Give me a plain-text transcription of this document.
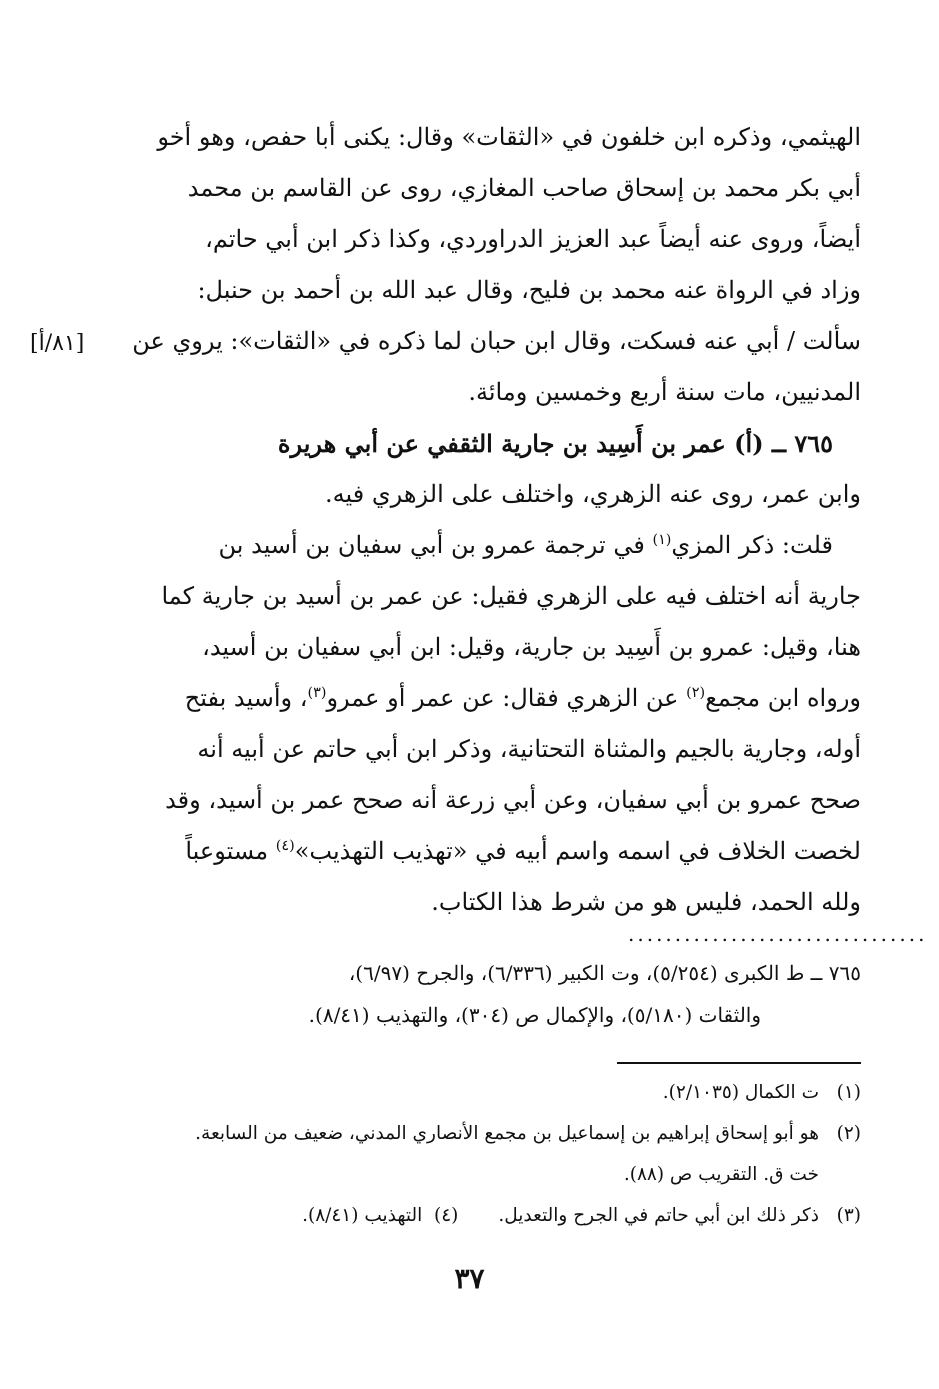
الهيثمي، وذكره ابن خلفون في «الثقات» وقال: يكنى أبا حفص، وهو أخو

أبي بكر محمد بن إسحاق صاحب المغازي، روى عن القاسم بن محمد

أيضاً، وروى عنه أيضاً عبد العزيز الدراوردي، وكذا ذكر ابن أبي حاتم،

وزاد في الرواة عنه محمد بن فليح، وقال عبد الله بن أحمد بن حنبل:

سألت / أبي عنه فسكت، وقال ابن حبان لما ذكره في «الثقات»: يروي عن

المدنيين، مات سنة أربع وخمسين ومائة.

٧٦٥ ــ (أ) عمر بن أَسِيد بن جارية الثقفي عن أبي هريرة

وابن عمر، روى عنه الزهري، واختلف على الزهري فيه.

قلت: ذكر المزي$^{(١)}$ في ترجمة عمرو بن أبي سفيان بن أسيد بن

جارية أنه اختلف فيه على الزهري فقيل: عن عمر بن أسيد بن جارية كما

هنا، وقيل: عمرو بن أَسِيد بن جارية، وقيل: ابن أبي سفيان بن أسيد،

ورواه ابن مجمع$^{(٢)}$ عن الزهري فقال: عن عمر أو عمرو$^{(٣)}$، وأسيد بفتح

أوله، وجارية بالجيم والمثناة التحتانية، وذكر ابن أبي حاتم عن أبيه أنه

صحح عمرو بن أبي سفيان، وعن أبي زرعة أنه صحح عمر بن أسيد، وقد

لخصت الخلاف في اسمه واسم أبيه في «تهذيب التهذيب»$^{(٤)}$ مستوعباً

ولله الحمد، فليس هو من شرط هذا الكتاب.

[٨١/أ]
................................

٧٦٥ ــ ط الكبرى (٥/٢٥٤)، وت الكبير (٦/٣٣٦)، والجرح (٦/٩٧)،

والثقات (٥/١٨٠)، والإكمال ص (٣٠٤)، والتهذيب (٨/٤١).

(١)
ت الكمال (٢/١٠٣٥).

(٢)
هو أبو إسحاق إبراهيم بن إسماعيل بن مجمع الأنصاري المدني، ضعيف من السابعة.

خت ق. التقريب ص (٨٨).

(٣)
ذكر ذلك ابن أبي حاتم في الجرح والتعديل.(٤)  التهذيب (٨/٤١).

٣٧
